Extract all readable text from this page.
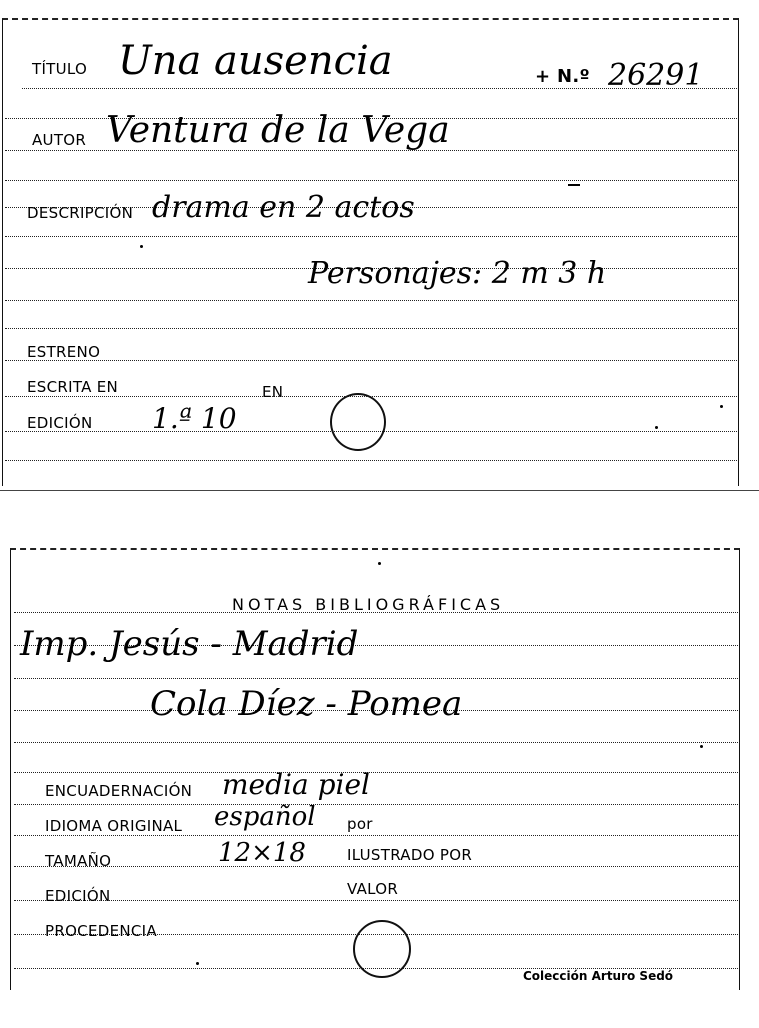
TÍTULO Una ausencia	+ N.º 26291
AUTOR Ventura de la Vega
DESCRIPCIÓN drama en 2 actos
Personajes: 2 m 3 h
ESTRENO
ESCRITA EN	EN
EDICIÓN 1.ª 10
NOTAS BIBLIOGRÁFICAS
Imp. Jesús - Madrid
Cola Díez - Pomea
ENCUADERNACIÓN media piel
IDIOMA ORIGINAL español por
TAMAÑO	12×18	ILUSTRADO POR
EDICIÓN	VALOR
PROCEDENCIA
Colección Arturo Sedó
